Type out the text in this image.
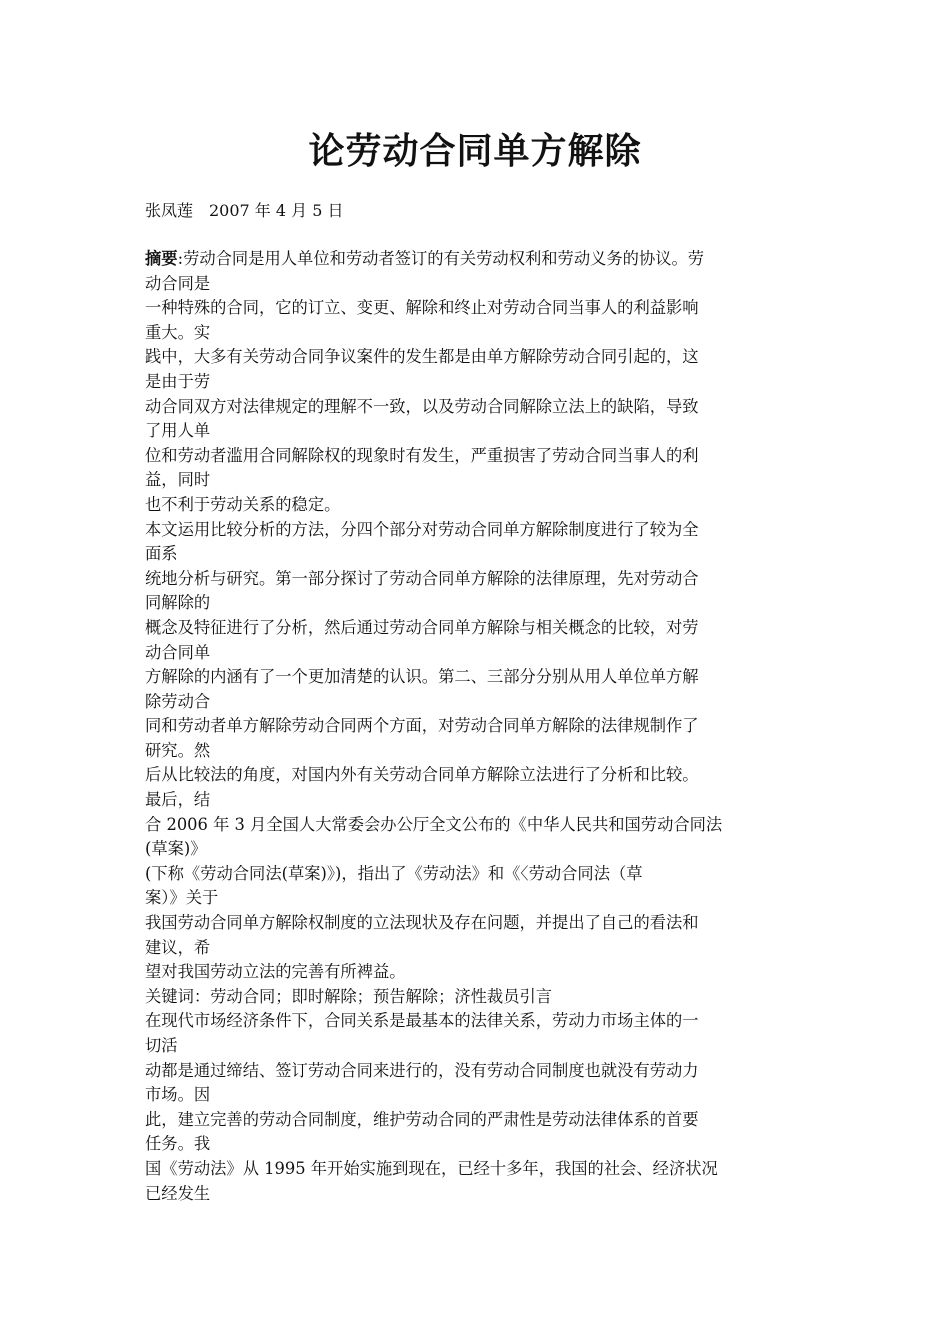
论劳动合同单方解除

张凤莲　2007 年 4 月 5 日

摘要:劳动合同是用人单位和劳动者签订的有关劳动权利和劳动义务的协议。劳
动合同是
一种特殊的合同，它的订立、变更、解除和终止对劳动合同当事人的利益影响
重大。实
践中，大多有关劳动合同争议案件的发生都是由单方解除劳动合同引起的，这
是由于劳
动合同双方对法律规定的理解不一致，以及劳动合同解除立法上的缺陷，导致
了用人单
位和劳动者滥用合同解除权的现象时有发生，严重损害了劳动合同当事人的利
益，同时
也不利于劳动关系的稳定。
本文运用比较分析的方法，分四个部分对劳动合同单方解除制度进行了较为全
面系
统地分析与研究。第一部分探讨了劳动合同单方解除的法律原理，先对劳动合
同解除的
概念及特征进行了分析，然后通过劳动合同单方解除与相关概念的比较，对劳
动合同单
方解除的内涵有了一个更加清楚的认识。第二、三部分分别从用人单位单方解
除劳动合
同和劳动者单方解除劳动合同两个方面，对劳动合同单方解除的法律规制作了
研究。然
后从比较法的角度，对国内外有关劳动合同单方解除立法进行了分析和比较。
最后，结
合 2006 年 3 月全国人大常委会办公厅全文公布的《中华人民共和国劳动合同法
(草案)》
(下称《劳动合同法(草案)》)，指出了《劳动法》和《〈劳动合同法（草
案）》关于
我国劳动合同单方解除权制度的立法现状及存在问题，并提出了自己的看法和
建议，希
望对我国劳动立法的完善有所裨益。
关键词：劳动合同；即时解除；预告解除；济性裁员引言
在现代市场经济条件下，合同关系是最基本的法律关系，劳动力市场主体的一
切活
动都是通过缔结、签订劳动合同来进行的，没有劳动合同制度也就没有劳动力
市场。因
此，建立完善的劳动合同制度，维护劳动合同的严肃性是劳动法律体系的首要
任务。我
国《劳动法》从 1995 年开始实施到现在，已经十多年，我国的社会、经济状况
已经发生
